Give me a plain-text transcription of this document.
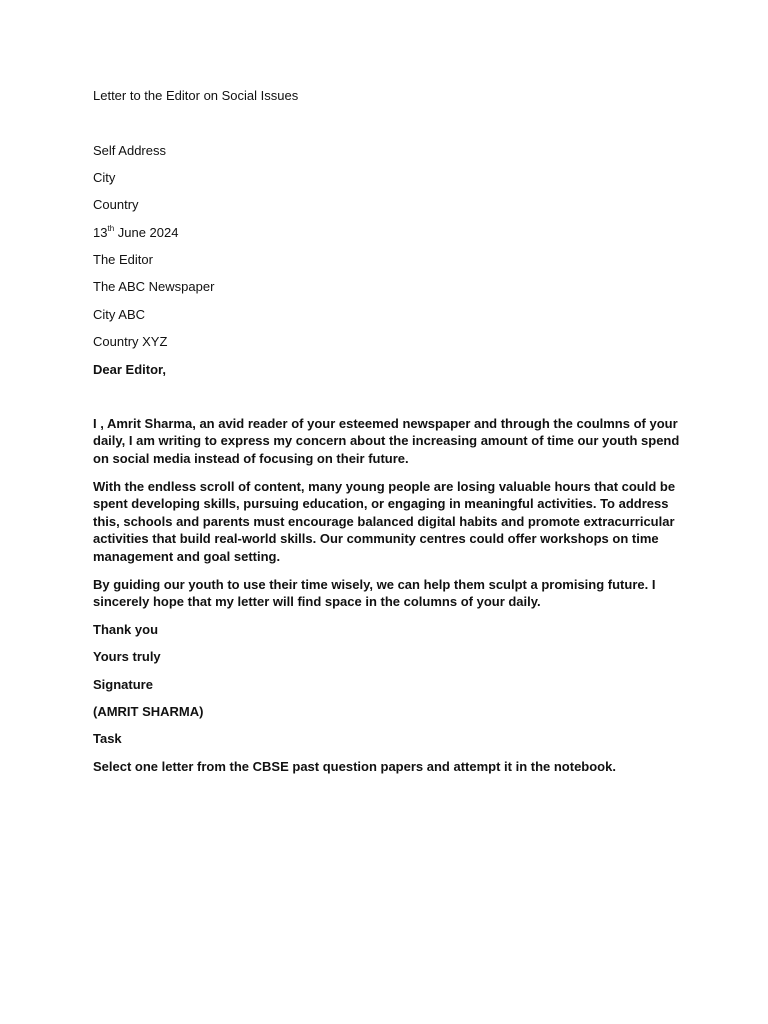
Letter to the Editor on Social Issues
Self Address
City
Country
13th June 2024
The Editor
The ABC Newspaper
City ABC
Country XYZ
Dear Editor,
I , Amrit Sharma, an avid reader of your esteemed newspaper and through the coulmns of your daily, I am writing to express my concern about the increasing amount of time our youth spend on social media instead of focusing on their future.
With the endless scroll of content, many young people are losing valuable hours that could be spent developing skills, pursuing education, or engaging in meaningful activities. To address this, schools and parents must encourage balanced digital habits and promote extracurricular activities that build real-world skills. Our community centres could offer workshops on time management and goal setting.
By guiding our youth to use their time wisely, we can help them sculpt a promising future. I sincerely hope that my letter will find space in the columns of your daily.
Thank you
Yours truly
Signature
(AMRIT SHARMA)
Task
Select one letter from the CBSE past question papers and attempt it in the notebook.
